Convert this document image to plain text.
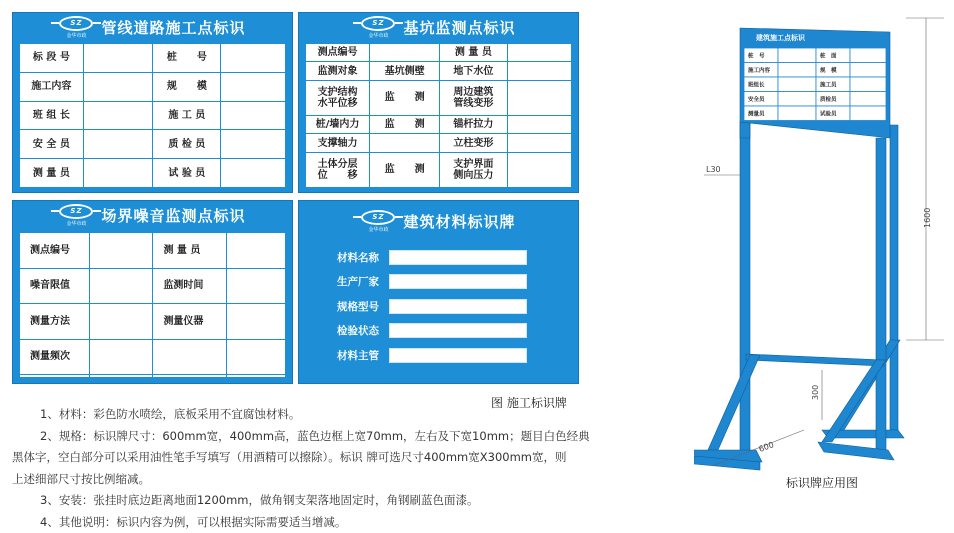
SZ
金华市政 管线道路施工点标识
标 段 号		桩　　号	
施工内容		规　　模	
班 组 长		施 工 员	
安 全 员		质 检 员	
测 量 员		试 验 员	
SZ
金华市政 基坑监测点标识
测点编号		测 量 员	
监测对象	基坑侧壁	地下水位	
支护结构
水平位移	监　　测	周边建筑
管线变形	
桩/墙内力	监　　测	锚杆拉力	
支撑轴力		立柱变形	
土体分层
位　　移	监　　测	支护界面
侧向压力	
SZ
金华市政 场界噪音监测点标识
测点编号		测 量 员	
噪音限值		监测时间	
测量方法		测量仪器	
测量频次			

SZ
金华市政 建筑材料标识牌
材料名称
生产厂家
规格型号
检验状态
材料主管
图 施工标识牌

1、材料：彩色防水喷绘，底板采用不宜腐蚀材料。

2、规格：标识牌尺寸：600mm宽，400mm高，蓝色边框上宽70mm，左右及下宽10mm；题目白色经典

黑体字，空白部分可以采用油性笔手写填写（用酒精可以擦除）。标识 牌可选尺寸400mm宽X300mm宽，则

上述细部尺寸按比例缩减。

3、安装：张挂时底边距离地面1200mm，做角钢支架落地固定时，角钢刷蓝色面漆。

4、其他说明：标识内容为例，可以根据实际需要适当增减。

建筑施工点标识
桩　号	桩　面
施工内容	规　模
班组长	施工员
安全员	质检员
测量员	试验员
L30
1600
300
600
标识牌应用图
